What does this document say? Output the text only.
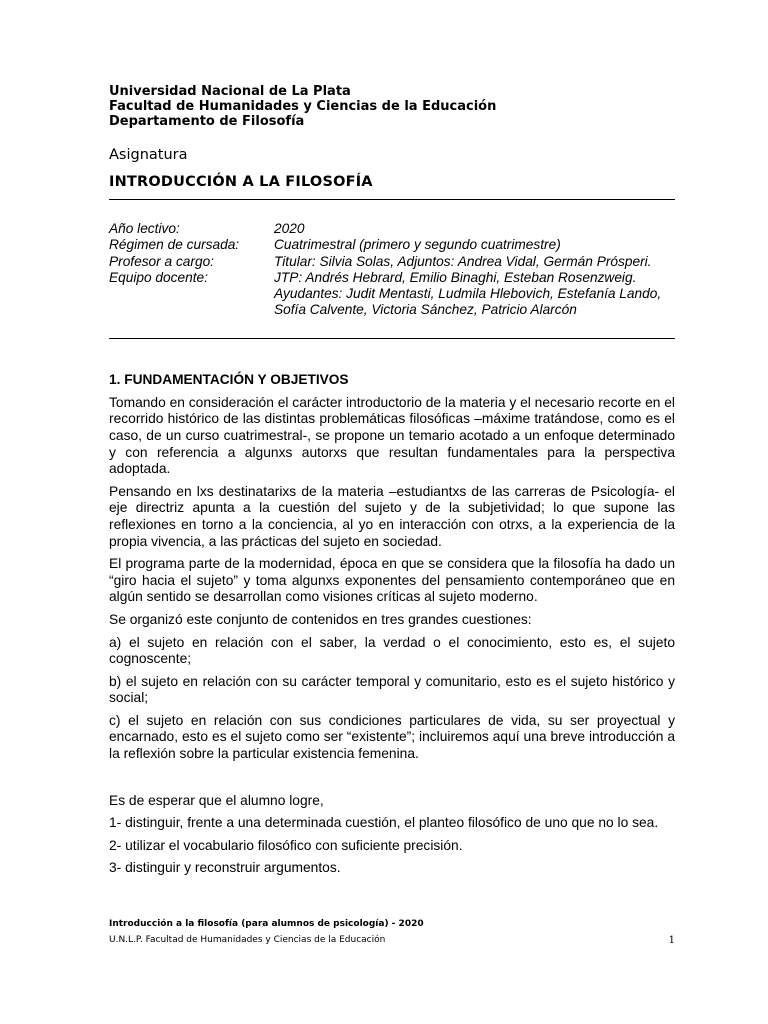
Universidad Nacional de La Plata
Facultad de Humanidades y Ciencias de la Educación
Departamento de Filosofía
Asignatura
INTRODUCCIÓN A LA FILOSOFÍA
Año lectivo:	2020
Régimen de cursada:	Cuatrimestral (primero y segundo cuatrimestre)
Profesor a cargo:	Titular: Silvia Solas, Adjuntos: Andrea Vidal, Germán Prósperi.
Equipo docente:	JTP: Andrés Hebrard, Emilio Binaghi, Esteban Rosenzweig.
Ayudantes: Judit Mentasti, Ludmila Hlebovich, Estefanía Lando,
Sofía Calvente, Victoria Sánchez, Patricio Alarcón
1. FUNDAMENTACIÓN Y OBJETIVOS
Tomando en consideración el carácter introductorio de la materia y el necesario recorte en el recorrido histórico de las distintas problemáticas filosóficas –máxime tratándose, como es el caso, de un curso cuatrimestral-, se propone un temario acotado a un enfoque determinado y con referencia a algunxs autorxs que resultan fundamentales para la perspectiva adoptada.
Pensando en lxs destinatarixs de la materia –estudiantxs de las carreras de Psicología- el eje directriz apunta a la cuestión del sujeto y de la subjetividad; lo que supone las reflexiones en torno a la conciencia, al yo en interacción con otrxs, a la experiencia de la propia vivencia, a las prácticas del sujeto en sociedad.
El programa parte de la modernidad, época en que se considera que la filosofía ha dado un “giro hacia el sujeto” y toma algunxs exponentes del pensamiento contemporáneo que en algún sentido se desarrollan como visiones críticas al sujeto moderno.
Se organizó este conjunto de contenidos en tres grandes cuestiones:
a) el sujeto en relación con el saber, la verdad o el conocimiento, esto es, el sujeto cognoscente;
b) el sujeto en relación con su carácter temporal y comunitario, esto es el sujeto histórico y social;
c) el sujeto en relación con sus condiciones particulares de vida, su ser proyectual y encarnado, esto es el sujeto como ser “existente”; incluiremos aquí una breve introducción a la reflexión sobre la particular existencia femenina.
Es de esperar que el alumno logre,
1- distinguir, frente a una determinada cuestión, el planteo filosófico de uno que no lo sea.
2- utilizar el vocabulario filosófico con suficiente precisión.
3- distinguir y reconstruir argumentos.
Introducción a la filosofía (para alumnos de psicología) - 2020
U.N.L.P. Facultad de Humanidades y Ciencias de la Educación	1
